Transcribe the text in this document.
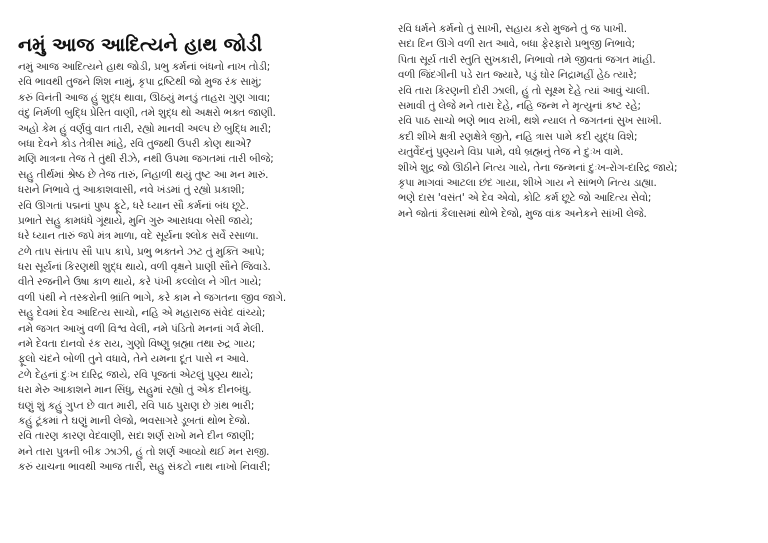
નમું આજ આદિત્યને હાથ જોડી
નમું આજ આદિત્યને હાથ જોડી, પ્રભુ કર્મનાં બંધનો નાખ તોડી;
રવિ ભાવથી તુજને શિશ નામું, કૃપા દ્રષ્ટિથી જો મુજ રંક સામું;
કરું વિનંતી આજ હું શુદ્ધ થાવા, ઊઠયું મનડું તાહરા ગુણ ગાવા;
વંદુ નિર્મળી બુદ્ધિ પ્રેરિત વાણી, તમે શુદ્ધ થો અક્ષરો ભક્ત જાણી.
અહો કેમ હું વર્ણવું વાત તારી, રહ્યો માનવી અલ્પ છે બુદ્ધિ મારી;
બધા દેવને કોડ તેત્રીસ માંહે, રવિ તુજથી ઉપરી કોણ થાએ?
મણિ માત્રના તેજ તે તુંથી રીઝે, નથી ઉપમા જગતમાં તારી બીજે;
સહુ તીર્થમાં શ્રેષ્ઠ છે તેજ તારું, નિહાળી થયું તુષ્ટ આ મન મારું.
ધરાને નિભાવે તું આકાશવાસી, નવે ખંડમાં તું રહ્યો પ્રકાશી;
રવિ ઊગતાં પદ્મનાં પુષ્પ ફૂટે, ધરે ધ્યાન સૌ કર્મનાં બંધ છૂટે.
પ્રભાતે સહુ કામધંધે ગૂંથાયે, મુનિ ગુરુ આરાધવા બેસી જાયે;
ધરે ધ્યાન તારું જપે મંત્ર માળા, વદે સૂર્યના શ્લોક સર્વે રસાળા.
ટળે તાપ સંતાપ સૌ પાપ કાપે, પ્રભુ ભક્તને ઝટ તું મુક્તિ આપે;
ધરા સૂર્યનાં કિરણથી શુદ્ધ થાયે, વળી વૃક્ષને પ્રાણી સૌને જિવાડે.
વીતે રજનીને ઉષા કાળ થાયે, કરે પંખી કલ્લોલ ને ગીત ગાયે;
વળી પંથી ને તસ્કરોની ભ્રાંતિ ભાગે, કરે કામ ને જગતના જીવ જાગે.
સહુ દેવમાં દેવ આદિત્ય સાચો, નહિ એ મહારાજ સંવેદ વાંચ્યો;
નમે જગત આખું વળી વિશ્વ વેલી, નમે પંડિતો મનનાં ગર્વ મેલી.
નમે દેવતા દાનવો રંક રાય, ગુણો વિષ્ણુ બ્રહ્મા તથા રુદ્ર ગાય;
ફૂલો ચંદને બોળી તુને વધાવે, તેને યમના દૂત પાસે ન આવે.
ટળે દેહનાં દુઃખ દારિદ્ર જાયે, રવિ પૂજતાં એટલું પુણ્ય થાયે;
ધરા મેરુ આકાશને માન સિંધુ, સહુમાં રહ્યો તું એક દીનબંધુ.
ઘણું શું કહું ગુપ્ત છે વાત મારી, રવિ પાઠ પુરાણ છે ગ્રંથ ભારી;
કહું ટૂંકમાં તે ઘણું માની લેજો, ભવસાગરે ડૂબતાં થોભ દેજો.
રવિ તારણ કારણ વેદવાણી, સદા શર્ણ રાખો મને દીન જાણી;
મને તારા પુત્રની બીક ઝાઝી, હું તો શર્ણ આવ્યો થઈ મન રાજી.
કરું યાચના ભાવથી આજ તારી, સહુ સંકટો નાથ નાખો નિવારી;
રવિ ધર્મને કર્મનો તું સાખી, સહાય કરો મુજને તું જ પાખી.
સદા દિન ઊગે વળી રાત આવે, બધા ફેરફારો પ્રભુજી નિભાવે;
પિતા સૂર્ય તારી સ્તુતિ સુખકારી, નિભાવો તમે જીવતાં જગત માંહી.
વળી જિંદગીની પડે રાત જ્યારે, પડું ઘોર નિદ્રામહીં હેઠ ત્યારે;
રવિ તારા કિરણની દોરી ઝાલી, હું તો સૂક્ષ્મ દેહે ત્યાં આવું ચાલી.
સમાવી તું લેજે મને તારા દેહે, નહિ જન્મ ને મૃત્યુનાં કષ્ટ રહે;
રવિ પાઠ સાચો ભણે ભાવ રાખી, થશે ન્યાલ તે જગતનાં સુખ સાખી.
કદી શીખે ક્ષત્રી રણક્ષેત્રે જીતે, નહિ ત્રાસ પામે કદી યુદ્ધ વિશે;
યતુર્વેદનું પુણ્યને વિપ્ર પામે, વધે બ્રહ્મનું તેજ ને દુઃખ વામે.
શીખે શુદ્ર જો ઊઠીને નિત્ય ગાયે, તેના જન્મનાં દુઃખ-રોગ-દારિદ્ર જાયે;
કૃપા માગવાં આટલા છંદ ગાયા, શીખે ગાય ને સાંભળે નિત્ય ડાહ્યા.
ભણે દાસ 'વસંત' એ દેવ એવો, કોટિ કર્મ છૂટે જો આદિત્ય સેવો;
મને જોતાં કૈલાસમાં થોભે દેજો, મુજ વાંક અનેકને સાંખી લેજે.
